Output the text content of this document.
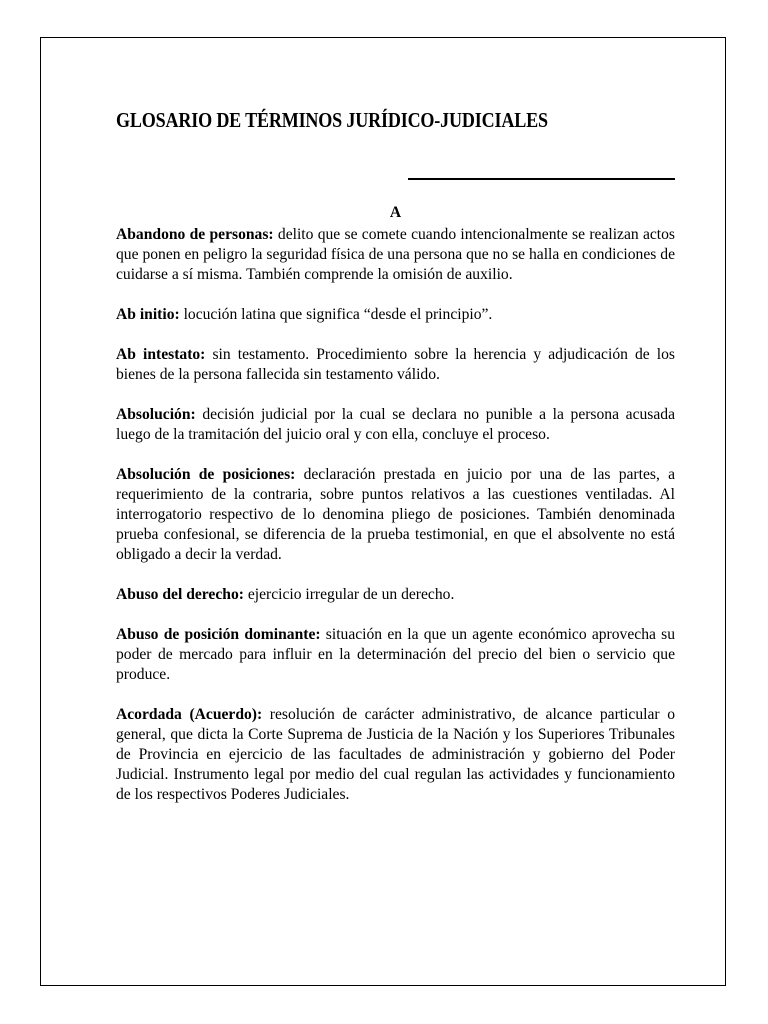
GLOSARIO DE TÉRMINOS JURÍDICO-JUDICIALES
A

Abandono de personas: delito que se comete cuando intencionalmente se realizan actos que ponen en peligro la seguridad física de una persona que no se halla en condiciones de cuidarse a sí misma. También comprende la omisión de auxilio.

Ab initio: locución latina que significa “desde el principio”.

Ab intestato: sin testamento. Procedimiento sobre la herencia y adjudicación de los bienes de la persona fallecida sin testamento válido.

Absolución: decisión judicial por la cual se declara no punible a la persona acusada luego de la tramitación del juicio oral y con ella, concluye el proceso.

Absolución de posiciones: declaración prestada en juicio por una de las partes, a requerimiento de la contraria, sobre puntos relativos a las cuestiones ventiladas. Al interrogatorio respectivo de lo denomina pliego de posiciones. También denominada prueba confesional, se diferencia de la prueba testimonial, en que el absolvente no está obligado a decir la verdad.

Abuso del derecho: ejercicio irregular de un derecho.

Abuso de posición dominante: situación en la que un agente económico aprovecha su poder de mercado para influir en la determinación del precio del bien o servicio que produce.

Acordada (Acuerdo): resolución de carácter administrativo, de alcance particular o general, que dicta la Corte Suprema de Justicia de la Nación y los Superiores Tribunales de Provincia en ejercicio de las facultades de administración y gobierno del Poder Judicial. Instrumento legal por medio del cual regulan las actividades y funcionamiento de los respectivos Poderes Judiciales.
